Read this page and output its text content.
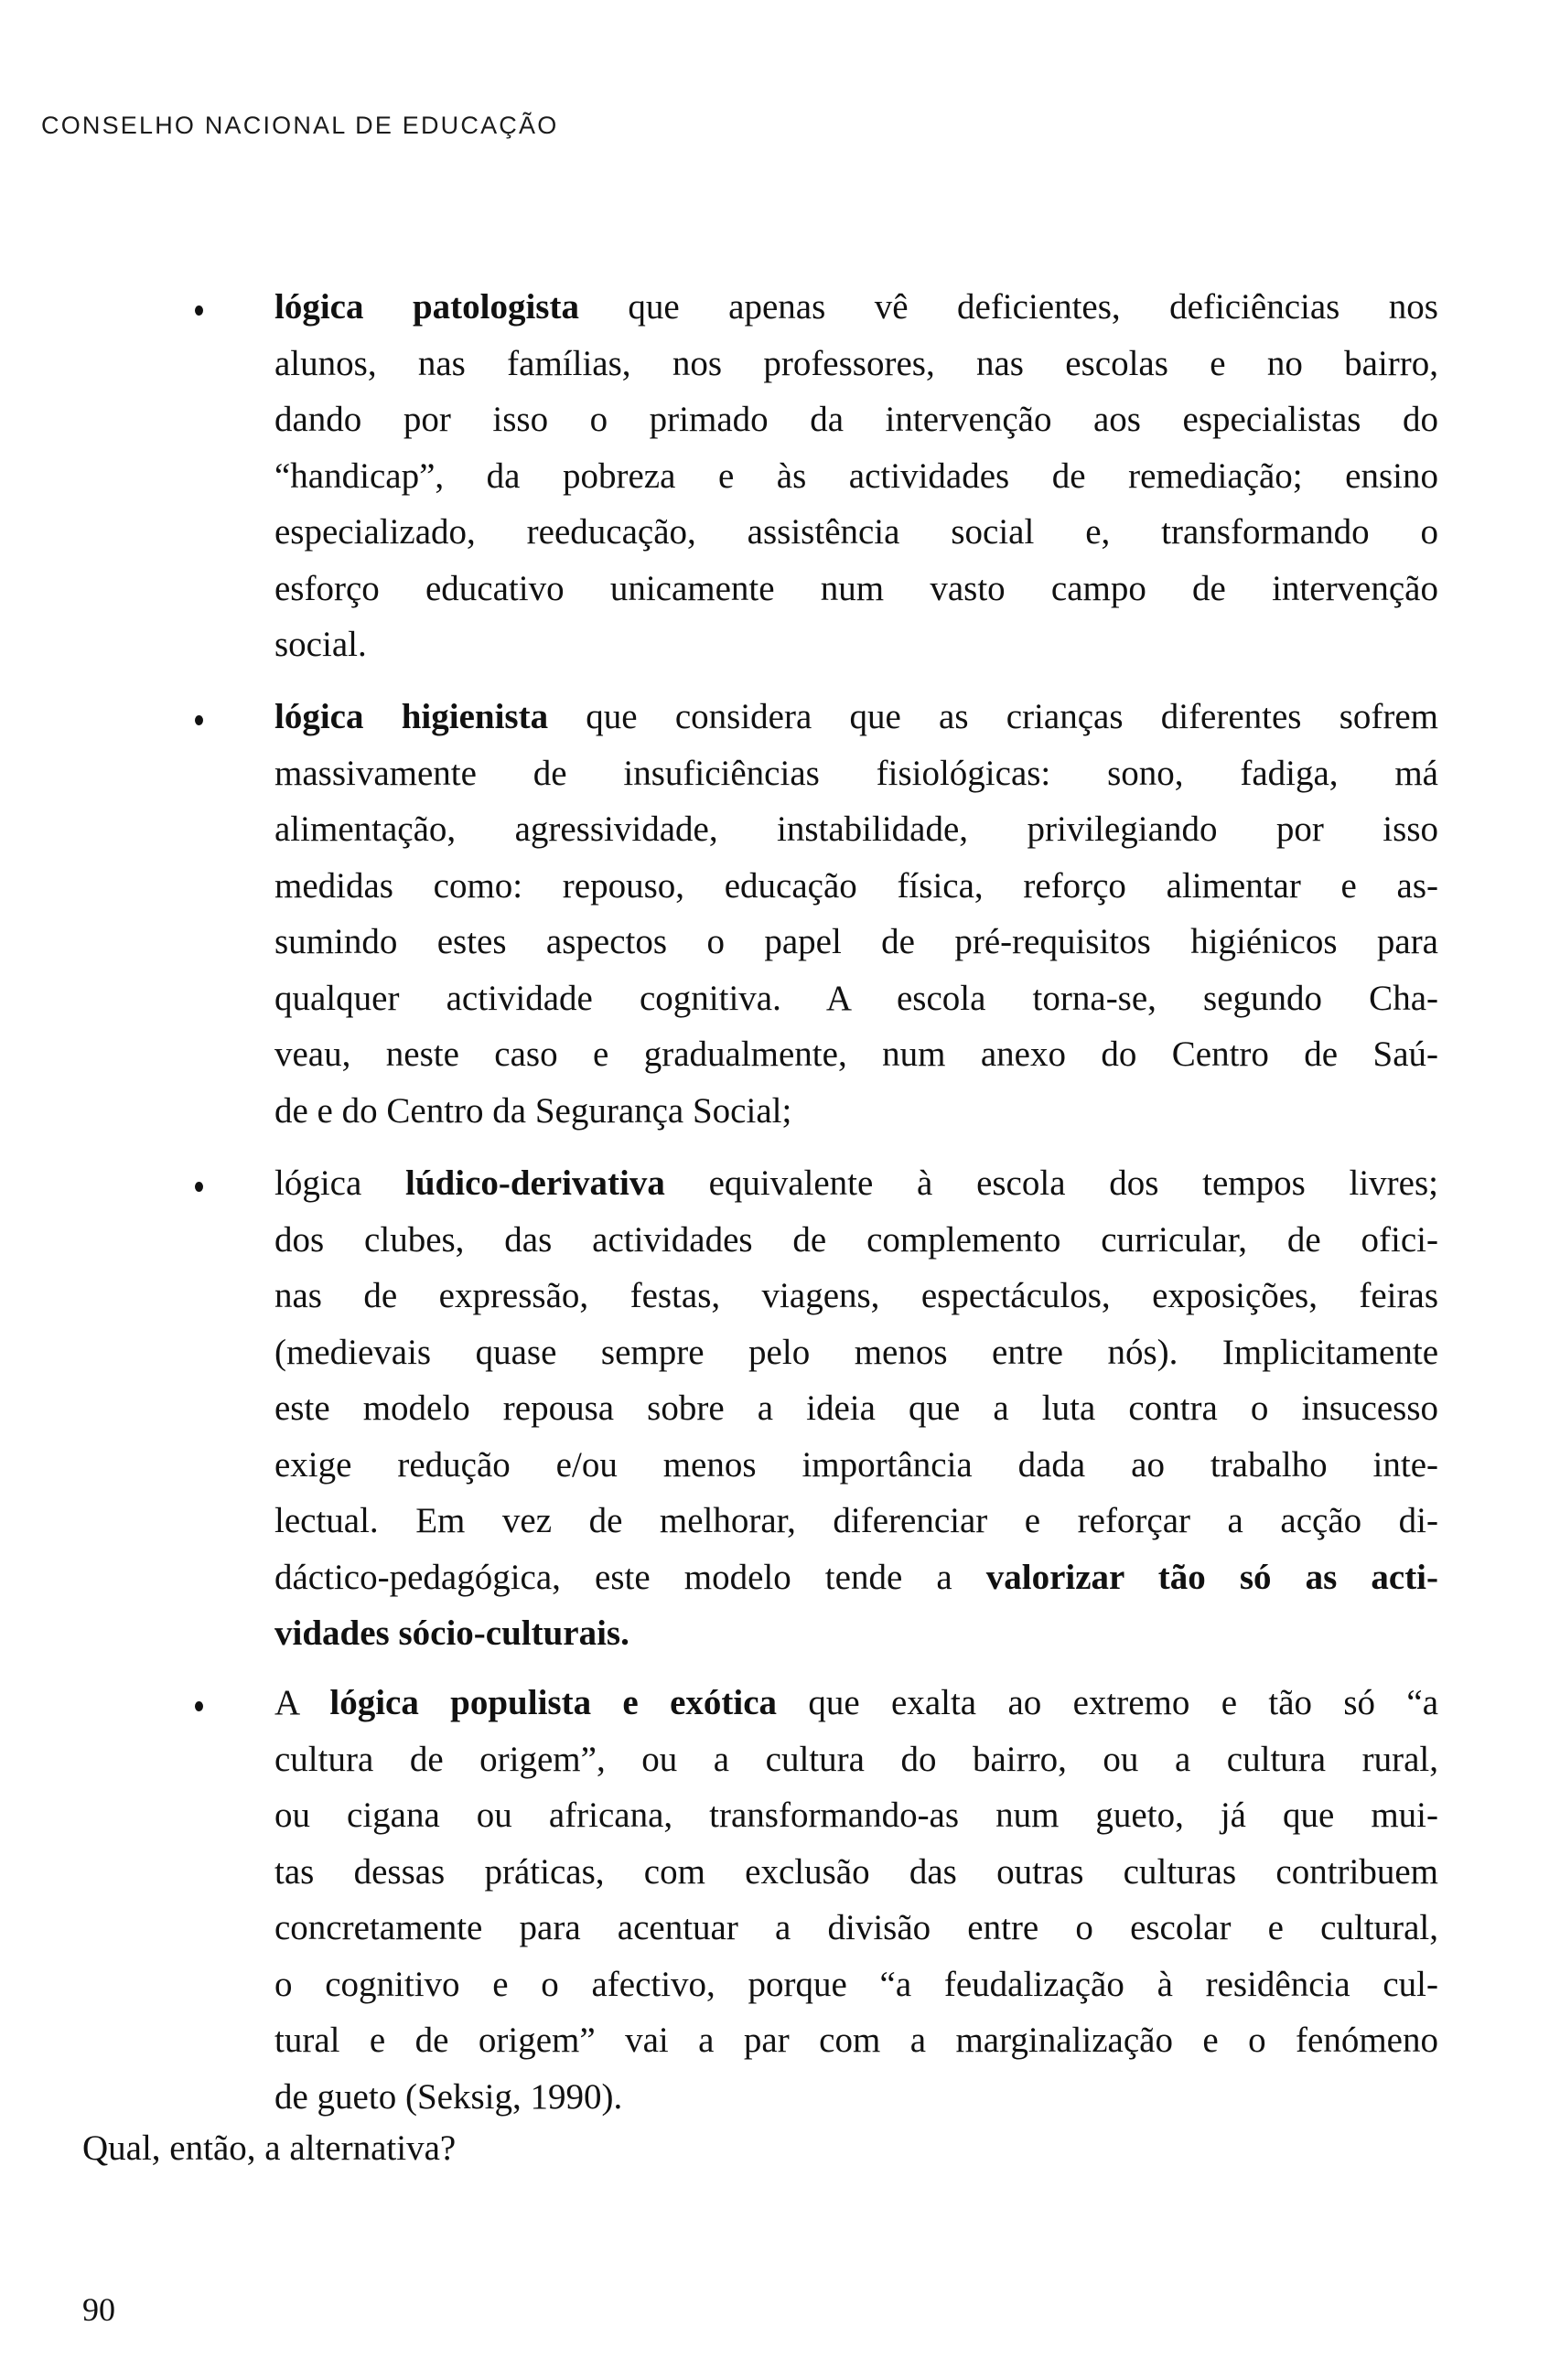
CONSELHO NACIONAL DE EDUCAÇÃO
lógica patologista que apenas vê deficientes, deficiências nos
alunos, nas famílias, nos professores, nas escolas e no bairro,
dando por isso o primado da intervenção aos especialistas do
“handicap”, da pobreza e às actividades de remediação; ensino
especializado, reeducação, assistência social e, transformando o
esforço educativo unicamente num vasto campo de intervenção
social.
lógica higienista que considera que as crianças diferentes sofrem
massivamente de insuficiências fisiológicas: sono, fadiga, má
alimentação, agressividade, instabilidade, privilegiando por isso
medidas como: repouso, educação física, reforço alimentar e as-
sumindo estes aspectos o papel de pré-requisitos higiénicos para
qualquer actividade cognitiva. A escola torna-se, segundo Cha-
veau, neste caso e gradualmente, num anexo do Centro de Saú-
de e do Centro da Segurança Social;
lógica lúdico-derivativa equivalente à escola dos tempos livres;
dos clubes, das actividades de complemento curricular, de ofici-
nas de expressão, festas, viagens, espectáculos, exposições, feiras
(medievais quase sempre pelo menos entre nós). Implicitamente
este modelo repousa sobre a ideia que a luta contra o insucesso
exige redução e/ou menos importância dada ao trabalho inte-
lectual. Em vez de melhorar, diferenciar e reforçar a acção di-
dáctico-pedagógica, este modelo tende a valorizar tão só as acti-
vidades sócio-culturais.
A lógica populista e exótica que exalta ao extremo e tão só “a
cultura de origem”, ou a cultura do bairro, ou a cultura rural,
ou cigana ou africana, transformando-as num gueto, já que mui-
tas dessas práticas, com exclusão das outras culturas contribuem
concretamente para acentuar a divisão entre o escolar e cultural,
o cognitivo e o afectivo, porque “a feudalização à residência cul-
tural e de origem” vai a par com a marginalização e o fenómeno
de gueto (Seksig, 1990).
Qual, então, a alternativa?
90
